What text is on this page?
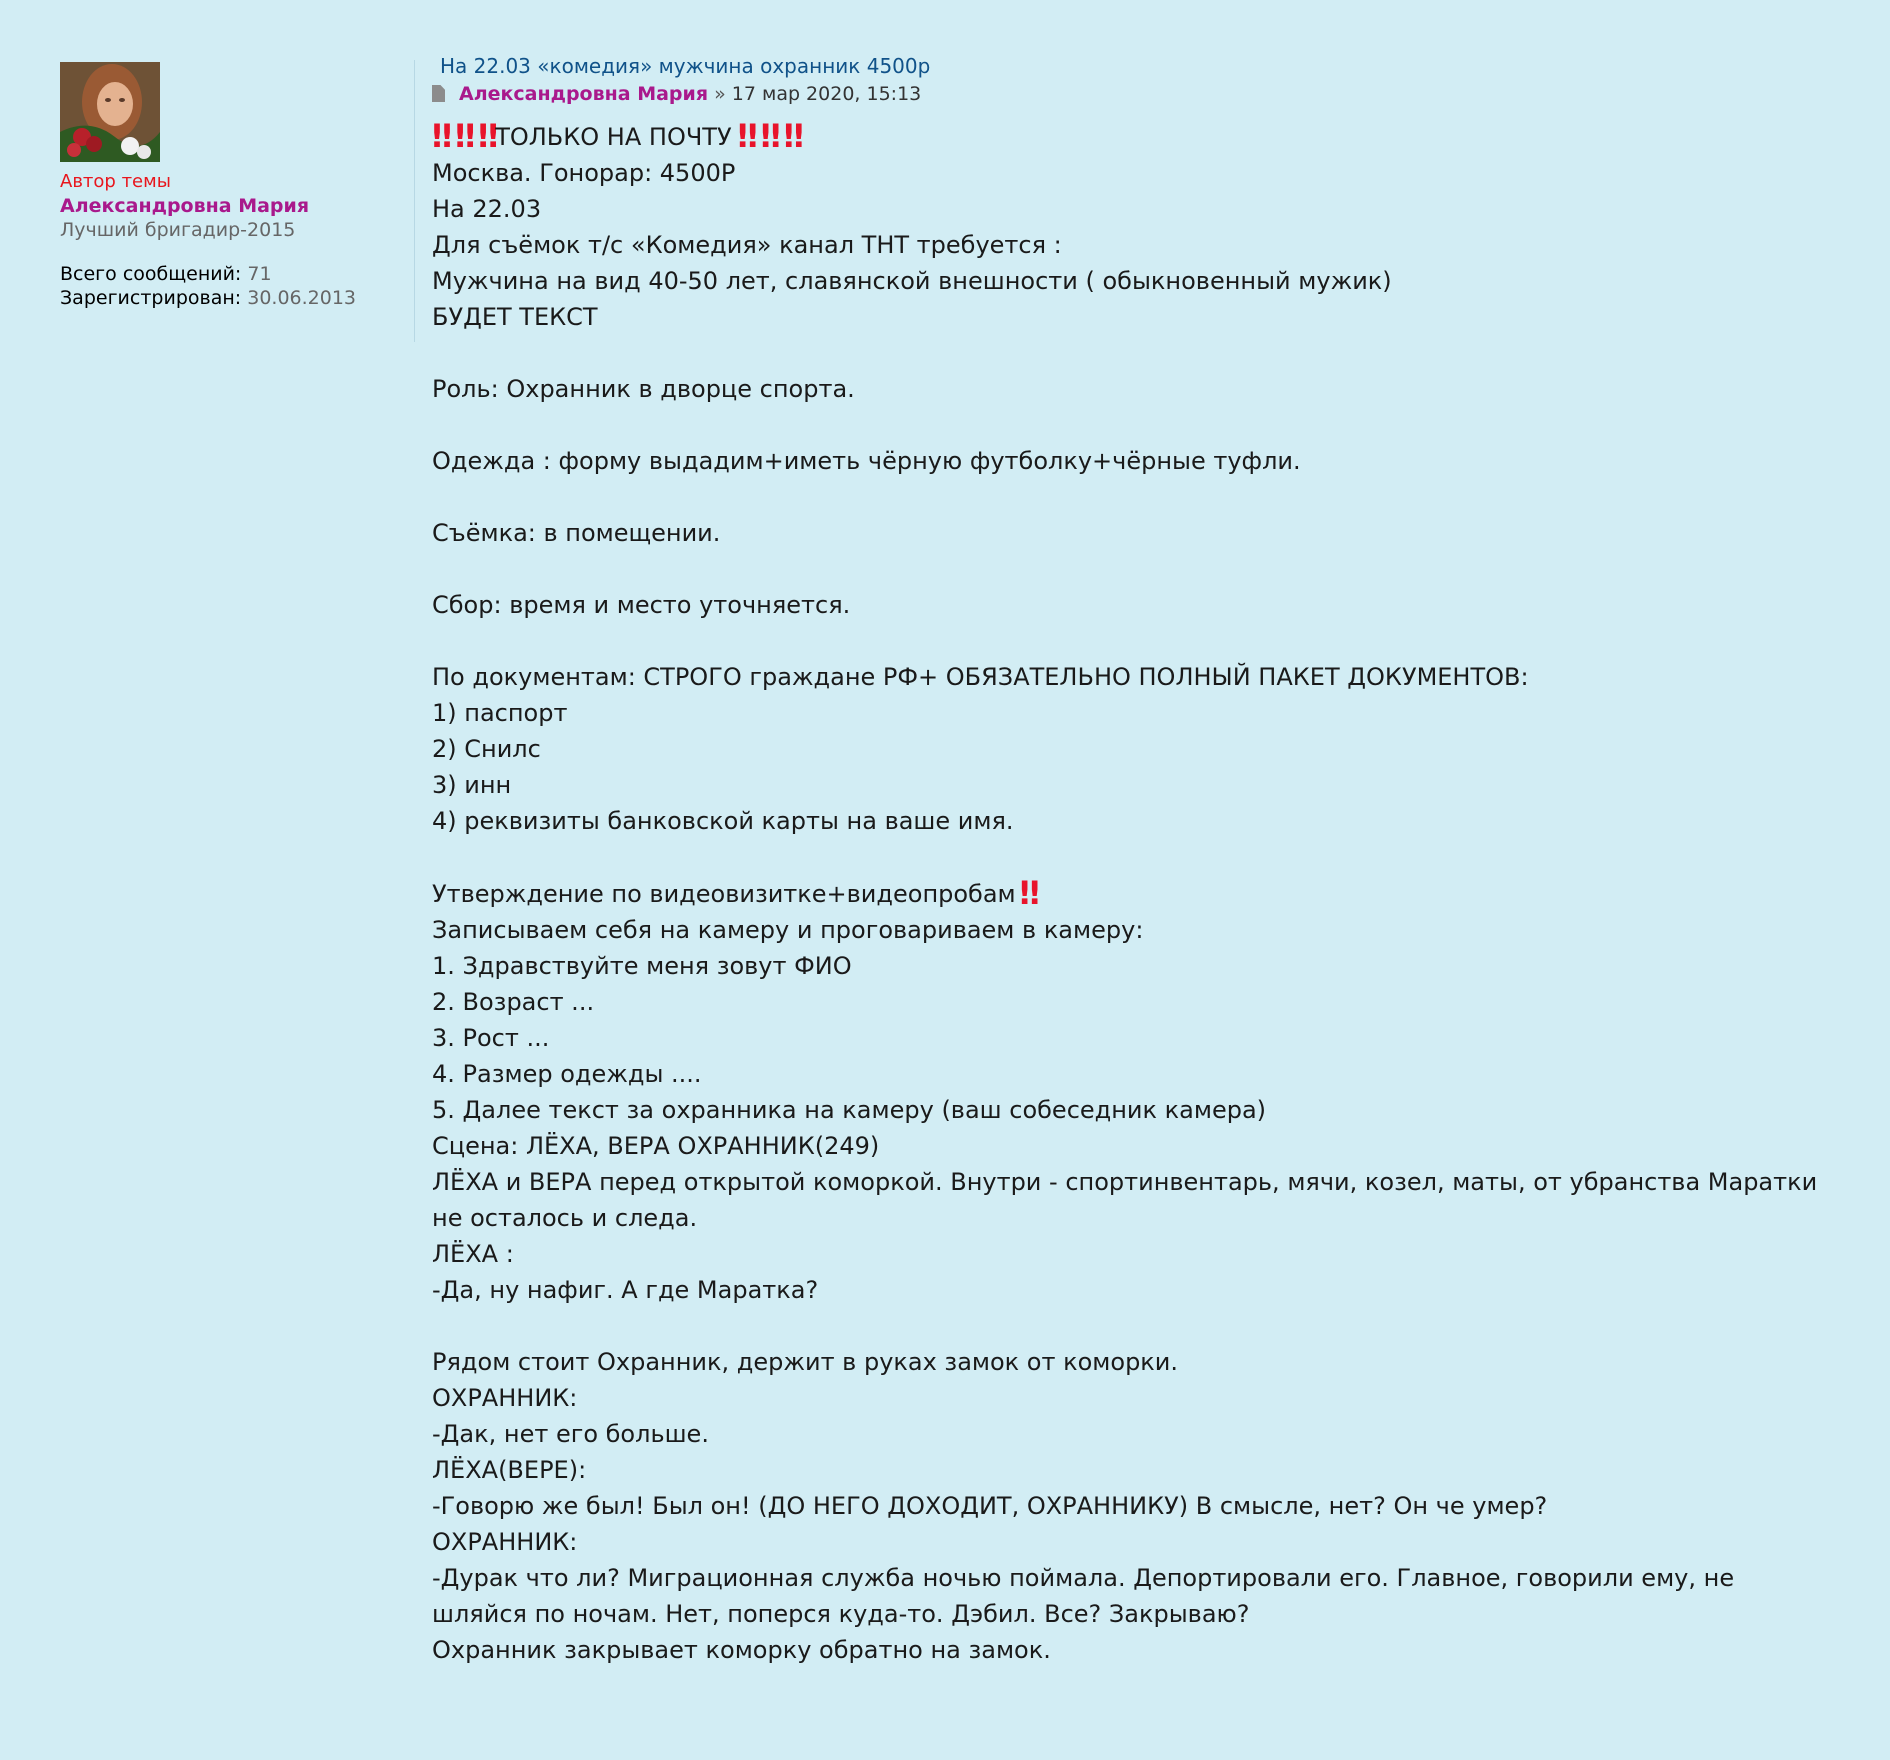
Автор темы
Александровна Мария
Лучший бригадир-2015
Всего сообщений: 71
Зарегистрирован: 30.06.2013
На 22.03 «комедия» мужчина охранник 4500р
Александровна Мария » 17 мар 2020, 15:13
‼ ‼ ‼ ТОЛЬКО НА ПОЧТУ ‼ ‼ ‼
Москва. Гонорар: 4500Р
На 22.03
Для съёмок т/с «Комедия» канал ТНТ требуется :
Мужчина на вид 40-50 лет, славянской внешности ( обыкновенный мужик)
БУДЕТ ТЕКСТ
Роль: Охранник в дворце спорта.
Одежда : форму выдадим+иметь чёрную футболку+чёрные туфли.
Съёмка: в помещении.
Сбор: время и место уточняется.
По документам: СТРОГО граждане РФ+ ОБЯЗАТЕЛЬНО ПОЛНЫЙ ПАКЕТ ДОКУМЕНТОВ:
1) паспорт
2) Снилс
3) инн
4) реквизиты банковской карты на ваше имя.
Утверждение по видеовизитке+видеопробам ‼
Записываем себя на камеру и проговариваем в камеру:
1. Здравствуйте меня зовут ФИО
2. Возраст ...
3. Рост ...
4. Размер одежды ....
5. Далее текст за охранника на камеру (ваш собеседник камера)
Сцена: ЛЁХА, ВЕРА ОХРАННИК(249)
ЛЁХА и ВЕРА перед открытой коморкой. Внутри - спортинвентарь, мячи, козел, маты, от убранства Маратки не осталось и следа.
ЛЁХА :
-Да, ну нафиг. А где Маратка?
Рядом стоит Охранник, держит в руках замок от коморки.
ОХРАННИК:
-Дак, нет его больше.
ЛЁХА(ВЕРЕ):
-Говорю же был! Был он! (ДО НЕГО ДОХОДИТ, ОХРАННИКУ) В смысле, нет? Он че умер?
ОХРАННИК:
-Дурак что ли? Миграционная служба ночью поймала. Депортировали его. Главное, говорили ему, не шляйся по ночам. Нет, поперся куда-то. Дэбил. Все? Закрываю?
Охранник закрывает коморку обратно на замок.
